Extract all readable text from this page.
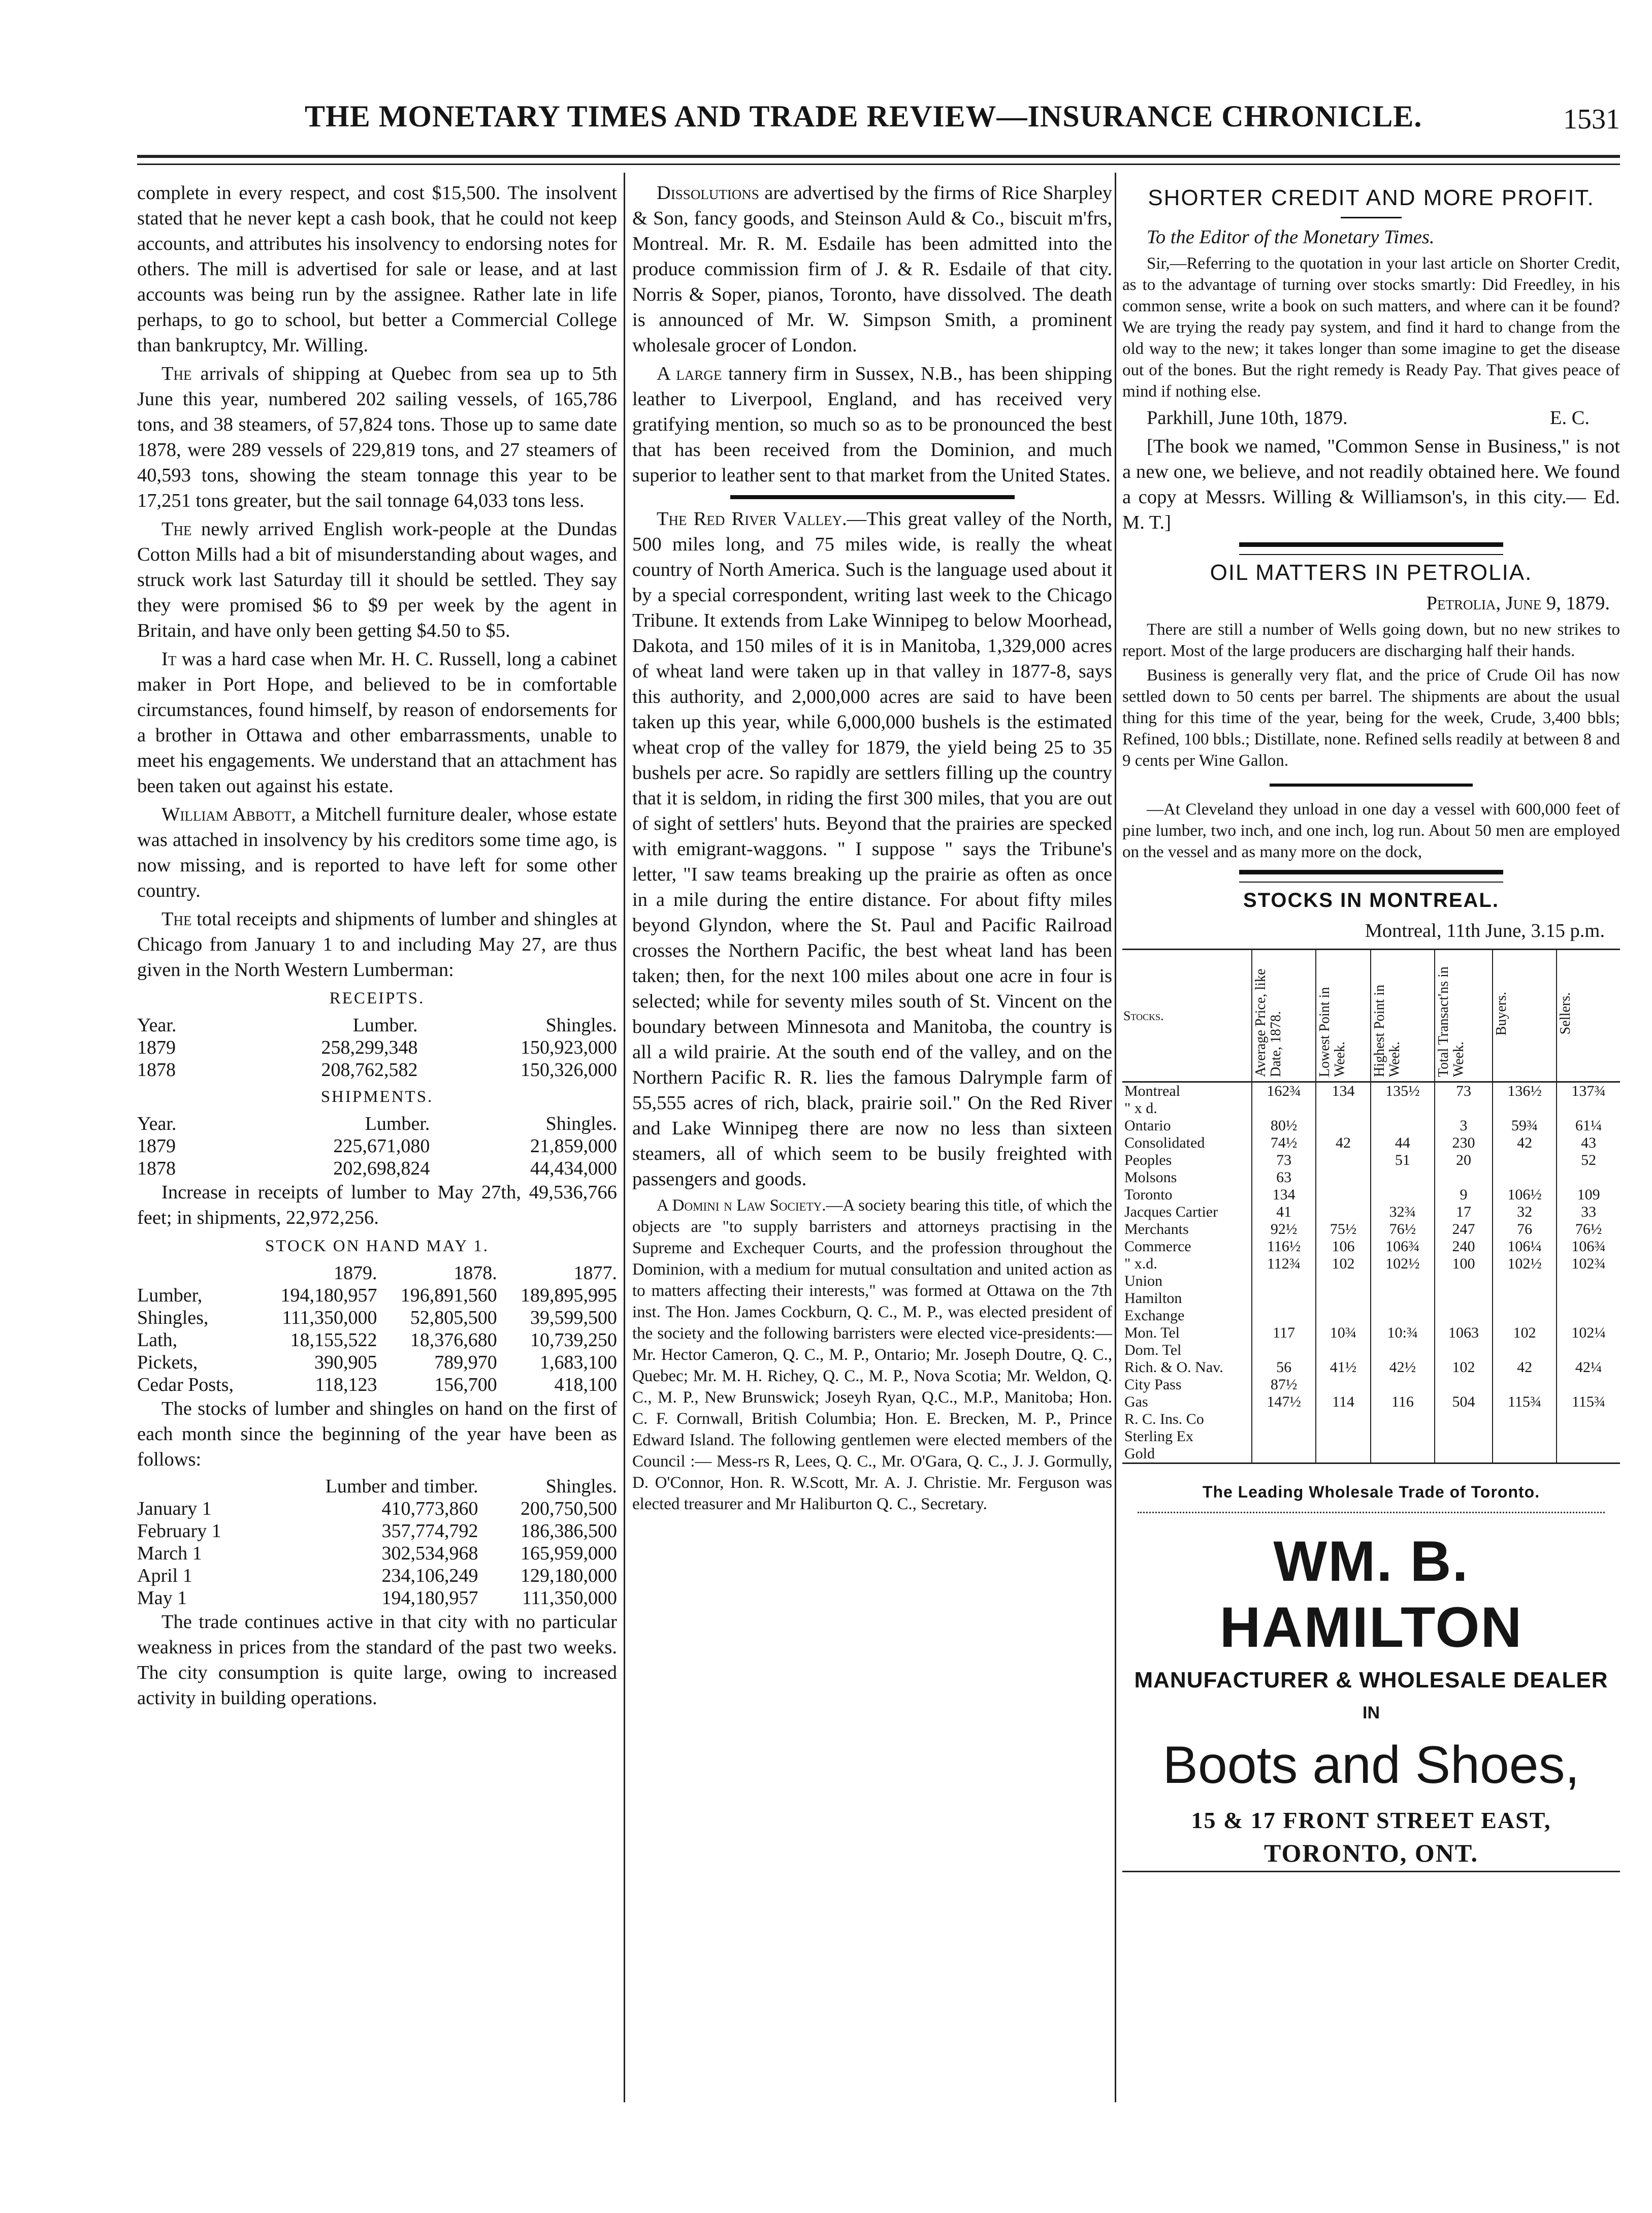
THE MONETARY TIMES AND TRADE REVIEW—INSURANCE CHRONICLE.	1531

complete in every respect, and cost $15,500. The insolvent stated that he never kept a cash book, that he could not keep accounts, and attributes his insolvency to endorsing notes for others. The mill is advertised for sale or lease, and at last accounts was being run by the assignee. Rather late in life perhaps, to go to school, but better a Commercial College than bankruptcy, Mr. Willing.

The arrivals of shipping at Quebec from sea up to 5th June this year, numbered 202 sailing vessels, of 165,786 tons, and 38 steamers, of 57,824 tons. Those up to same date 1878, were 289 vessels of 229,819 tons, and 27 steamers of 40,593 tons, showing the steam tonnage this year to be 17,251 tons greater, but the sail tonnage 64,033 tons less.

The newly arrived English work-people at the Dundas Cotton Mills had a bit of misunderstanding about wages, and struck work last Saturday till it should be settled. They say they were promised $6 to $9 per week by the agent in Britain, and have only been getting $4.50 to $5.

It was a hard case when Mr. H. C. Russell, long a cabinet maker in Port Hope, and believed to be in comfortable circumstances, found himself, by reason of endorsements for a brother in Ottawa and other embarrassments, unable to meet his engagements. We understand that an attachment has been taken out against his estate.

William Abbott, a Mitchell furniture dealer, whose estate was attached in insolvency by his creditors some time ago, is now missing, and is reported to have left for some other country.

The total receipts and shipments of lumber and shingles at Chicago from January 1 to and including May 27, are thus given in the North Western Lumberman:

RECEIPTS.
Year.	Lumber.	Shingles.
1879	258,299,348	150,923,000
1878	208,762,582	150,326,000
SHIPMENTS.
Year.	Lumber.	Shingles.
1879	225,671,080	21,859,000
1878	202,698,824	44,434,000

Increase in receipts of lumber to May 27th, 49,536,766 feet; in shipments, 22,972,256.

STOCK ON HAND MAY 1.
	1879.	1878.	1877.
Lumber,	194,180,957	196,891,560	189,895,995
Shingles,	111,350,000	52,805,500	39,599,500
Lath,	18,155,522	18,376,680	10,739,250
Pickets,	390,905	789,970	1,683,100
Cedar Posts,	118,123	156,700	418,100

The stocks of lumber and shingles on hand on the first of each month since the beginning of the year have been as follows:

	Lumber and timber.	Shingles.
January 1	410,773,860	200,750,500
February 1	357,774,792	186,386,500
March 1	302,534,968	165,959,000
April 1	234,106,249	129,180,000
May 1	194,180,957	111,350,000

The trade continues active in that city with no particular weakness in prices from the standard of the past two weeks. The city consumption is quite large, owing to increased activity in building operations.

Dissolutions are advertised by the firms of Rice Sharpley & Son, fancy goods, and Steinson Auld & Co., biscuit m'frs, Montreal. Mr. R. M. Esdaile has been admitted into the produce commission firm of J. & R. Esdaile of that city. Norris & Soper, pianos, Toronto, have dissolved. The death is announced of Mr. W. Simpson Smith, a prominent wholesale grocer of London.

A large tannery firm in Sussex, N.B., has been shipping leather to Liverpool, England, and has received very gratifying mention, so much so as to be pronounced the best that has been received from the Dominion, and much superior to leather sent to that market from the United States.

The Red River Valley.—This great valley of the North, 500 miles long, and 75 miles wide, is really the wheat country of North America. Such is the language used about it by a special correspondent, writing last week to the Chicago Tribune. It extends from Lake Winnipeg to below Moorhead, Dakota, and 150 miles of it is in Manitoba, 1,329,000 acres of wheat land were taken up in that valley in 1877-8, says this authority, and 2,000,000 acres are said to have been taken up this year, while 6,000,000 bushels is the estimated wheat crop of the valley for 1879, the yield being 25 to 35 bushels per acre. So rapidly are settlers filling up the country that it is seldom, in riding the first 300 miles, that you are out of sight of settlers' huts. Beyond that the prairies are specked with emigrant-waggons. " I suppose " says the Tribune's letter, "I saw teams breaking up the prairie as often as once in a mile during the entire distance. For about fifty miles beyond Glyndon, where the St. Paul and Pacific Railroad crosses the Northern Pacific, the best wheat land has been taken; then, for the next 100 miles about one acre in four is selected; while for seventy miles south of St. Vincent on the boundary between Minnesota and Manitoba, the country is all a wild prairie. At the south end of the valley, and on the Northern Pacific R. R. lies the famous Dalrymple farm of 55,555 acres of rich, black, prairie soil." On the Red River and Lake Winnipeg there are now no less than sixteen steamers, all of which seem to be busily freighted with passengers and goods.

A Domini n Law Society.—A society bearing this title, of which the objects are "to supply barristers and attorneys practising in the Supreme and Exchequer Courts, and the profession throughout the Dominion, with a medium for mutual consultation and united action as to matters affecting their interests," was formed at Ottawa on the 7th inst. The Hon. James Cockburn, Q. C., M. P., was elected president of the society and the following barristers were elected vice-presidents:—Mr. Hector Cameron, Q. C., M. P., Ontario; Mr. Joseph Doutre, Q. C., Quebec; Mr. M. H. Richey, Q. C., M. P., Nova Scotia; Mr. Weldon, Q. C., M. P., New Brunswick; Joseyh Ryan, Q.C., M.P., Manitoba; Hon. C. F. Cornwall, British Columbia; Hon. E. Brecken, M. P., Prince Edward Island. The following gentlemen were elected members of the Council :— Mess-rs R, Lees, Q. C., Mr. O'Gara, Q. C., J. J. Gormully, D. O'Connor, Hon. R. W.Scott, Mr. A. J. Christie. Mr. Ferguson was elected treasurer and Mr Haliburton Q. C., Secretary.

SHORTER CREDIT AND MORE PROFIT.

To the Editor of the Monetary Times.

Sir,—Referring to the quotation in your last article on Shorter Credit, as to the advantage of turning over stocks smartly: Did Freedley, in his common sense, write a book on such matters, and where can it be found? We are trying the ready pay system, and find it hard to change from the old way to the new; it takes longer than some imagine to get the disease out of the bones. But the right remedy is Ready Pay. That gives peace of mind if nothing else.

Parkhill, June 10th, 1879.	E. C.

[The book we named, "Common Sense in Business," is not a new one, we believe, and not readily obtained here. We found a copy at Messrs. Willing & Williamson's, in this city.— Ed. M. T.]

OIL MATTERS IN PETROLIA.

Petrolia, June 9, 1879.

There are still a number of Wells going down, but no new strikes to report. Most of the large producers are discharging half their hands.

Business is generally very flat, and the price of Crude Oil has now settled down to 50 cents per barrel. The shipments are about the usual thing for this time of the year, being for the week, Crude, 3,400 bbls; Refined, 100 bbls.; Distillate, none. Refined sells readily at between 8 and 9 cents per Wine Gallon.

—At Cleveland they unload in one day a vessel with 600,000 feet of pine lumber, two inch, and one inch, log run. About 50 men are employed on the vessel and as many more on the dock,

STOCKS IN MONTREAL.

Montreal, 11th June, 3.15 p.m.

Stocks.	Average Price, like Date, 1878.	Lowest Point in Week.	Highest Point in Week.	Total Transact'ns in Week.	Buyers.	Sellers.
Montreal	162¾	134	135½	73	136½	137¾
" x d.						
Ontario	80½			3	59¾	61¼
Consolidated	74½	42	44	230	42	43
Peoples	73		51	20		52
Molsons	63					
Toronto	134			9	106½	109
Jacques Cartier	41		32¾	17	32	33
Merchants	92½	75½	76½	247	76	76½
Commerce	116½	106	106¾	240	106¼	106¾
" x.d.	112¾	102	102½	100	102½	102¾
Union						
Hamilton						
Exchange						
Mon. Tel	117	10¾	10:¾	1063	102	102¼
Dom. Tel						
Rich. & O. Nav.	56	41½	42½	102	42	42¼
City Pass	87½					
Gas	147½	114	116	504	115¾	115¾
R. C. Ins. Co						
Sterling Ex						
Gold						
The Leading Wholesale Trade of Toronto.
WM. B. HAMILTON
MANUFACTURER & WHOLESALE DEALER
IN
Boots and Shoes,
15 & 17 FRONT STREET EAST,
TORONTO, ONT.
